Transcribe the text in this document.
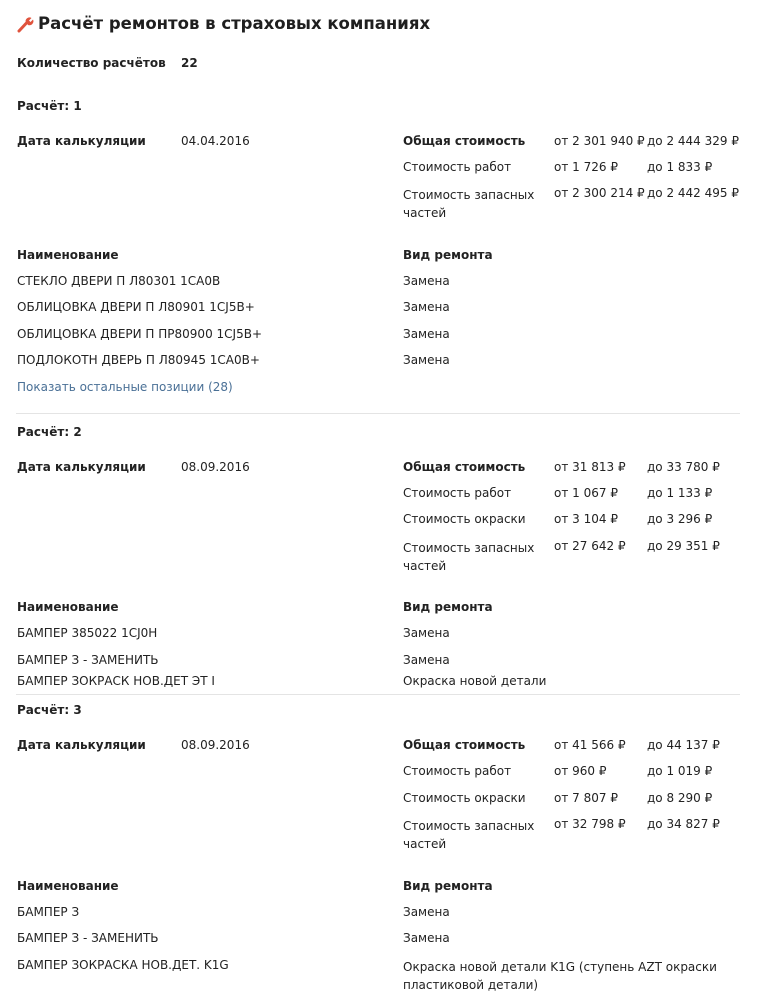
Расчёт ремонтов в страховых компаниях
Количество расчётов 22
Расчёт: 1
Дата калькуляции	04.04.2016	Общая стоимость от 2 301 940 ₽ до 2 444 329 ₽
Стоимость работ	от 1 726 ₽ до 1 833 ₽
Стоимость запасных частей
от 2 300 214 ₽ до 2 442 495 ₽
Наименование	Вид ремонта
СТЕКЛО ДВЕРИ П Л80301 1CA0B	Замена
ОБЛИЦОВКА ДВЕРИ П Л80901 1CJ5B+	Замена
ОБЛИЦОВКА ДВЕРИ П ПР80900 1CJ5B+	Замена
ПОДЛОКОТН ДВЕРЬ П Л80945 1CA0B+	Замена
Показать остальные позиции (28)
Расчёт: 2
Дата калькуляции	08.09.2016	Общая стоимость от 31 813 ₽ до 33 780 ₽
Стоимость работ	от 1 067 ₽ до 1 133 ₽
Стоимость окраски от 3 104 ₽ до 3 296 ₽
Стоимость запасных частей
от 27 642 ₽ до 29 351 ₽
Наименование	Вид ремонта
БАМПЕР 385022 1CJ0H	Замена
БАМПЕР З - ЗАМЕНИТЬ	Замена
БАМПЕР ЗОКРАСК НОВ.ДЕТ ЭТ I	Окраска новой детали
Расчёт: 3
Дата калькуляции	08.09.2016	Общая стоимость от 41 566 ₽ до 44 137 ₽
Стоимость работ	от 960 ₽	до 1 019 ₽
Стоимость окраски от 7 807 ₽ до 8 290 ₽
Стоимость запасных частей
от 32 798 ₽ до 34 827 ₽
Наименование	Вид ремонта
БАМПЕР З	Замена
БАМПЕР З - ЗАМЕНИТЬ	Замена
БАМПЕР ЗОКРАСКА НОВ.ДЕТ. K1G	Окраска новой детали K1G (ступень AZT окраски пластиковой детали)
